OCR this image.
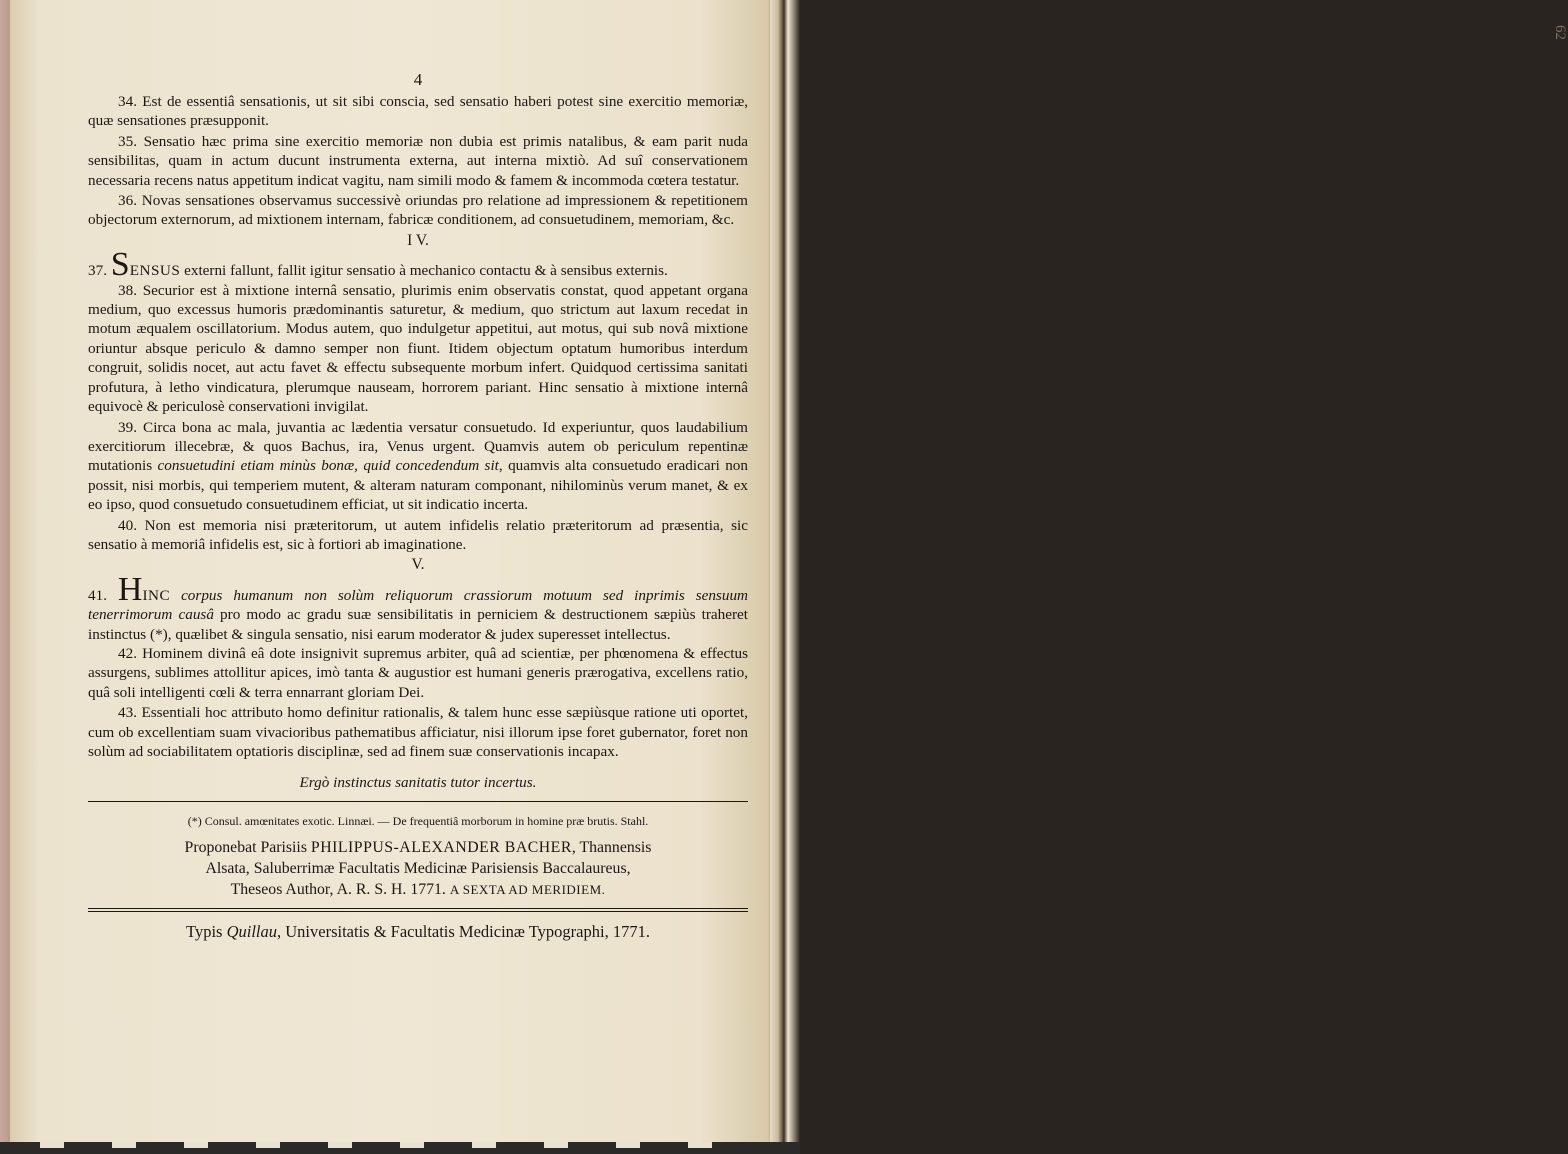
62
4

34. Est de essentiâ sensationis, ut sit sibi conscia, sed sensatio haberi potest sine exercitio memoriæ, quæ sensationes præsupponit.

35. Sensatio hæc prima sine exercitio memoriæ non dubia est primis natalibus, & eam parit nuda sensibilitas, quam in actum ducunt instrumenta externa, aut interna mixtiò. Ad suî conservationem necessaria recens natus appetitum indicat vagitu, nam simili modo & famem & incommoda cœtera testatur.

36. Novas sensationes observamus successivè oriundas pro relatione ad impressionem & repetitionem objectorum externorum, ad mixtionem internam, fabricæ conditionem, ad consuetudinem, memoriam, &c.

I V.

37. SENSUS externi fallunt, fallit igitur sensatio à mechanico contactu & à sensibus externis.

38. Securior est à mixtione internâ sensatio, plurimis enim observatis constat, quod appetant organa medium, quo excessus humoris prædominantis saturetur, & medium, quo strictum aut laxum recedat in motum æqualem oscillatorium. Modus autem, quo indulgetur appetitui, aut motus, qui sub novâ mixtione oriuntur absque periculo & damno semper non fiunt. Itidem objectum optatum humoribus interdum congruit, solidis nocet, aut actu favet & effectu subsequente morbum infert. Quidquod certissima sanitati profutura, à letho vindicatura, plerumque nauseam, horrorem pariant. Hinc sensatio à mixtione internâ equivocè & periculosè conservationi invigilat.

39. Circa bona ac mala, juvantia ac lædentia versatur consuetudo. Id experiuntur, quos laudabilium exercitiorum illecebræ, & quos Bachus, ira, Venus urgent. Quamvis autem ob periculum repentinæ mutationis consuetudini etiam minùs bonæ, quid concedendum sit, quamvis alta consuetudo eradicari non possit, nisi morbis, qui temperiem mutent, & alteram naturam componant, nihilominùs verum manet, & ex eo ipso, quod consuetudo consuetudinem efficiat, ut sit indicatio incerta.

40. Non est memoria nisi præteritorum, ut autem infidelis relatio præteritorum ad præsentia, sic sensatio à memoriâ infidelis est, sic à fortiori ab imaginatione.

V.

41. HINC corpus humanum non solùm reliquorum crassiorum motuum sed inprimis sensuum tenerrimorum causâ pro modo ac gradu suæ sensibilitatis in perniciem & destructionem sæpiùs traheret instinctus (*), quælibet & singula sensatio, nisi earum moderator & judex superesset intellectus.

42. Hominem divinâ eâ dote insignivit supremus arbiter, quâ ad scientiæ, per phœnomena & effectus assurgens, sublimes attollitur apices, imò tanta & augustior est humani generis prærogativa, excellens ratio, quâ soli intelligenti cœli & terra ennarrant gloriam Dei.

43. Essentiali hoc attributo homo definitur rationalis, & talem hunc esse sæpiùsque ratione uti oportet, cum ob excellentiam suam vivacioribus pathematibus afficiatur, nisi illorum ipse foret gubernator, foret non solùm ad sociabilitatem optatioris disciplinæ, sed ad finem suæ conservationis incapax.

Ergò instinctus sanitatis tutor incertus.

(*) Consul. amœnitates exotic. Linnæi. — De frequentiâ morborum in homine præ brutis. Stahl.

Proponebat Parisiis PHILIPPUS-ALEXANDER BACHER, Thannensis
Alsata, Saluberrimæ Facultatis Medicinæ Parisiensis Baccalaureus,
Theseos Author, A. R. S. H. 1771. A SEXTA AD MERIDIEM.
Typis Quillau, Universitatis & Facultatis Medicinæ Typographi, 1771.
